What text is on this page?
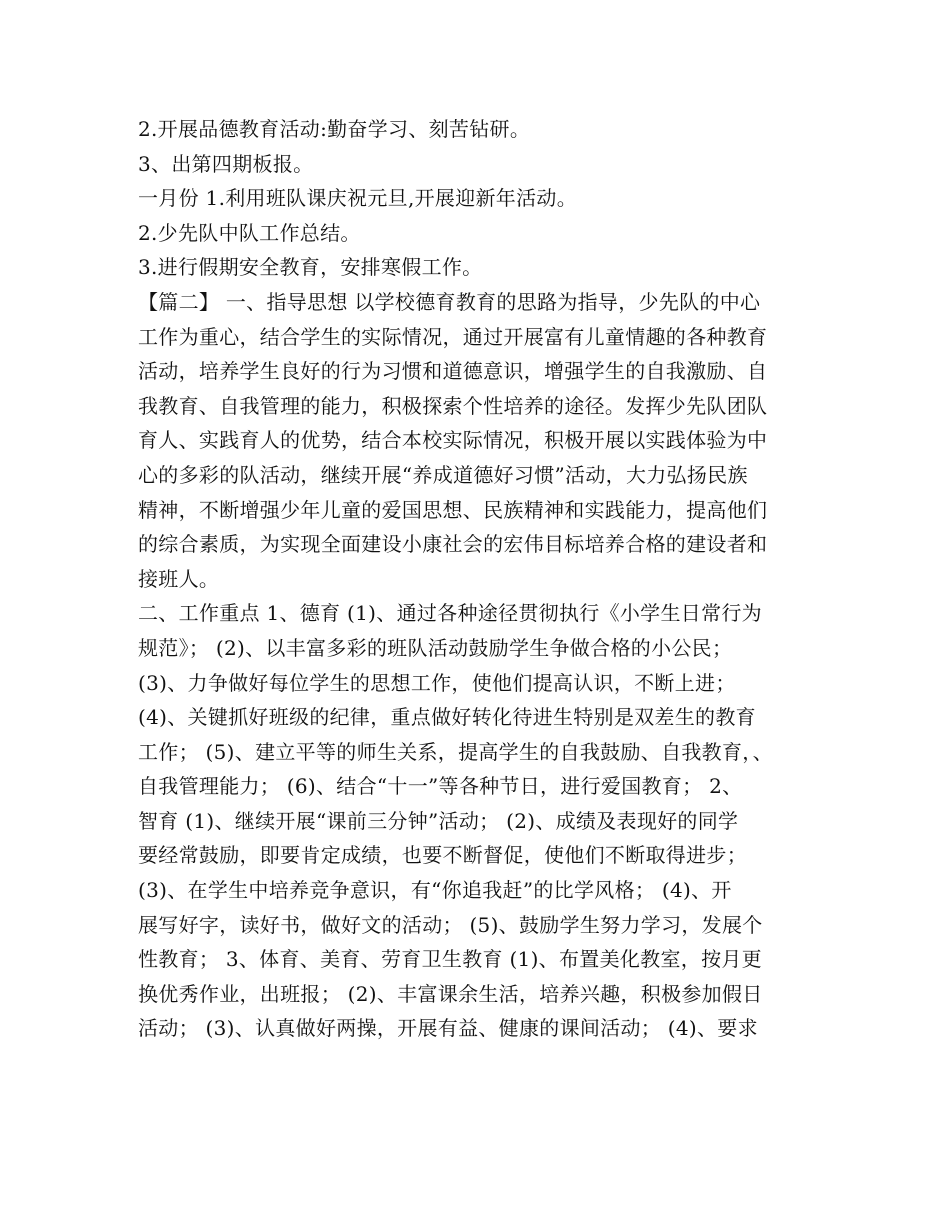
2.开展品德教育活动:勤奋学习、刻苦钻研。
3、出第四期板报。
一月份 1.利用班队课庆祝元旦,开展迎新年活动。
2.少先队中队工作总结。
3.进行假期安全教育，安排寒假工作。
【篇二】 一、指导思想 以学校德育教育的思路为指导，少先队的中心
工作为重心，结合学生的实际情况，通过开展富有儿童情趣的各种教育
活动，培养学生良好的行为习惯和道德意识，增强学生的自我激励、自
我教育、自我管理的能力，积极探索个性培养的途径。发挥少先队团队
育人、实践育人的优势，结合本校实际情况，积极开展以实践体验为中
心的多彩的队活动，继续开展“养成道德好习惯”活动，大力弘扬民族
精神，不断增强少年儿童的爱国思想、民族精神和实践能力，提高他们
的综合素质，为实现全面建设小康社会的宏伟目标培养合格的建设者和
接班人。
二、工作重点 1、德育 (1)、通过各种途径贯彻执行《小学生日常行为
规范》； (2)、以丰富多彩的班队活动鼓励学生争做合格的小公民；
(3)、力争做好每位学生的思想工作，使他们提高认识，不断上进；
(4)、关键抓好班级的纪律，重点做好转化待进生特别是双差生的教育
工作； (5)、建立平等的师生关系，提高学生的自我鼓励、自我教育，、
自我管理能力； (6)、结合“十一”等各种节日，进行爱国教育； 2、
智育 (1)、继续开展“课前三分钟”活动； (2)、成绩及表现好的同学
要经常鼓励，即要肯定成绩，也要不断督促，使他们不断取得进步；
(3)、在学生中培养竞争意识，有“你追我赶”的比学风格； (4)、开
展写好字，读好书，做好文的活动； (5)、鼓励学生努力学习，发展个
性教育； 3、体育、美育、劳育卫生教育 (1)、布置美化教室，按月更
换优秀作业，出班报； (2)、丰富课余生活，培养兴趣，积极参加假日
活动； (3)、认真做好两操，开展有益、健康的课间活动； (4)、要求
